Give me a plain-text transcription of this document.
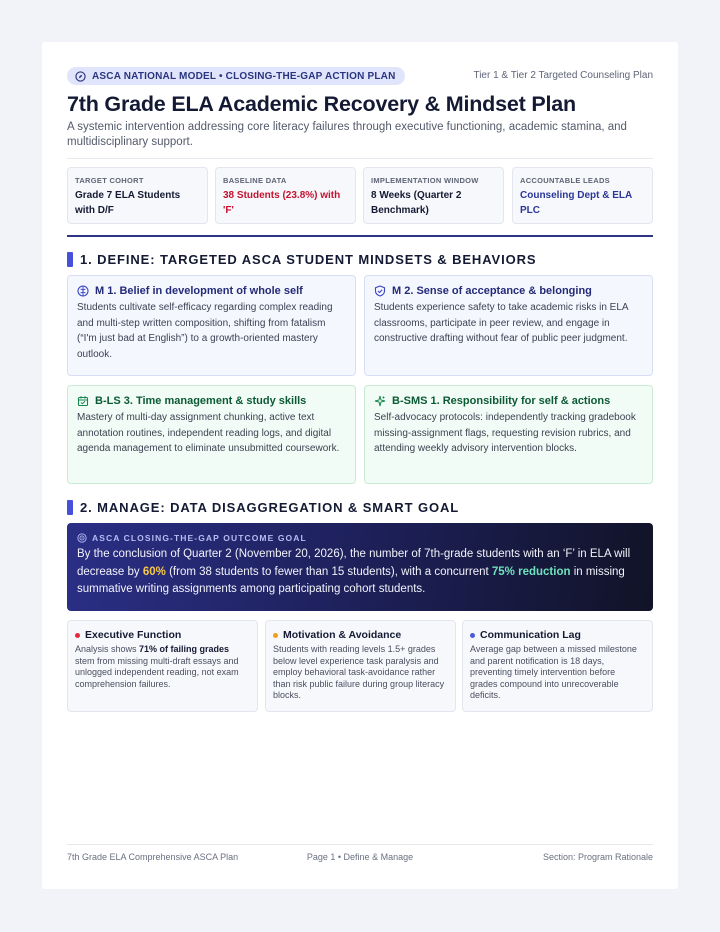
ASCA NATIONAL MODEL • CLOSING-THE-GAP ACTION PLAN	Tier 1 & Tier 2 Targeted Counseling Plan
7th Grade ELA Academic Recovery & Mindset Plan
A systemic intervention addressing core literacy failures through executive functioning, academic stamina, and multidisciplinary support.
TARGET COHORT
Grade 7 ELA Students with D/F
BASELINE DATA
38 Students (23.8%) with 'F'
IMPLEMENTATION WINDOW
8 Weeks (Quarter 2 Benchmark)
ACCOUNTABLE LEADS
Counseling Dept & ELA PLC
1. DEFINE: TARGETED ASCA STUDENT MINDSETS & BEHAVIORS
M 1. Belief in development of whole self
Students cultivate self-efficacy regarding complex reading and multi-step written composition, shifting from fatalism (“I'm just bad at English”) to a growth-oriented mastery outlook.
M 2. Sense of acceptance & belonging
Students experience safety to take academic risks in ELA classrooms, participate in peer review, and engage in constructive drafting without fear of public peer judgment.
B-LS 3. Time management & study skills
Mastery of multi-day assignment chunking, active text annotation routines, independent reading logs, and digital agenda management to eliminate unsubmitted coursework.
B-SMS 1. Responsibility for self & actions
Self-advocacy protocols: independently tracking gradebook missing-assignment flags, requesting revision rubrics, and attending weekly advisory intervention blocks.
2. MANAGE: DATA DISAGGREGATION & SMART GOAL
ASCA CLOSING-THE-GAP OUTCOME GOAL
By the conclusion of Quarter 2 (November 20, 2026), the number of 7th-grade students with an ‘F’ in ELA will decrease by 60% (from 38 students to fewer than 15 students), with a concurrent 75% reduction in missing summative writing assignments among participating cohort students.
Executive Function
Analysis shows 71% of failing grades stem from missing multi-draft essays and unlogged independent reading, not exam comprehension failures.
Motivation & Avoidance
Students with reading levels 1.5+ grades below level experience task paralysis and employ behavioral task-avoidance rather than risk public failure during group literacy blocks.
Communication Lag
Average gap between a missed milestone and parent notification is 18 days, preventing timely intervention before grades compound into unrecoverable deficits.
7th Grade ELA Comprehensive ASCA Plan	Page 1 • Define & Manage	Section: Program Rationale
